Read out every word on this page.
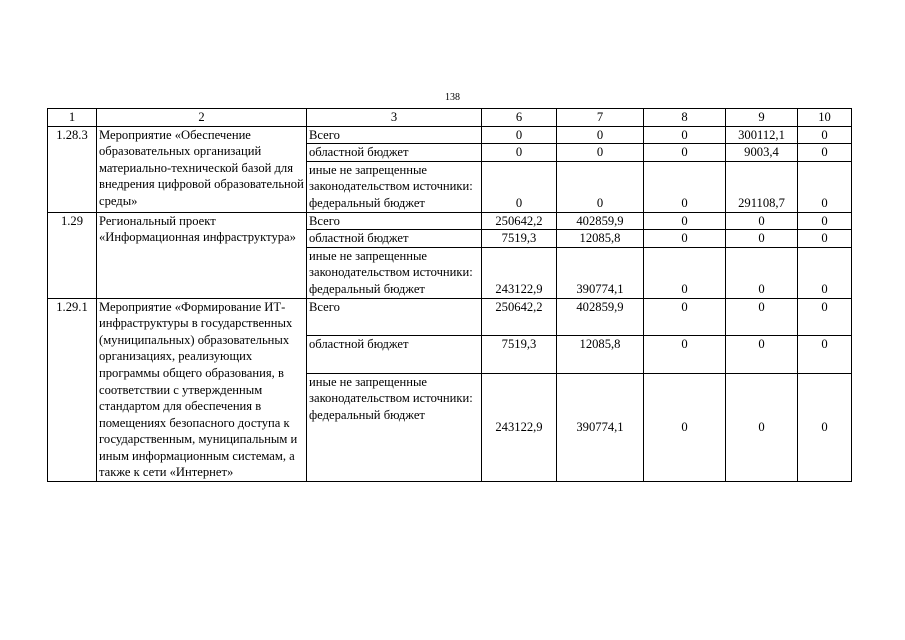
138
1	2	3	6	7	8	9	10
1.28.3	Мероприятие «Обеспечение образовательных организаций материально-технической базой для внедрения цифровой образовательной среды»	Всего	0	0	0	300112,1	0
		областной бюджет	0	0	0	9003,4	0
		иные не запрещенные законодательством источники: федеральный бюджет	0	0	0	291108,7	0
1.29	Региональный проект «Информационная инфраструктура»	Всего	250642,2	402859,9	0	0	0
		областной бюджет	7519,3	12085,8	0	0	0
		иные не запрещенные законодательством источники: федеральный бюджет	243122,9	390774,1	0	0	0
1.29.1	Мероприятие «Формирование ИТ-инфраструктуры в государственных (муниципальных) образовательных организациях, реализующих программы общего образования, в соответствии с утвержденным стандартом для обеспечения в помещениях безопасного доступа к государственным, муниципальным и иным информационным системам, а также к сети «Интернет»	Всего	250642,2	402859,9	0	0	0
		областной бюджет	7519,3	12085,8	0	0	0
		иные не запрещенные законодательством источники: федеральный бюджет	243122,9	390774,1	0	0	0
